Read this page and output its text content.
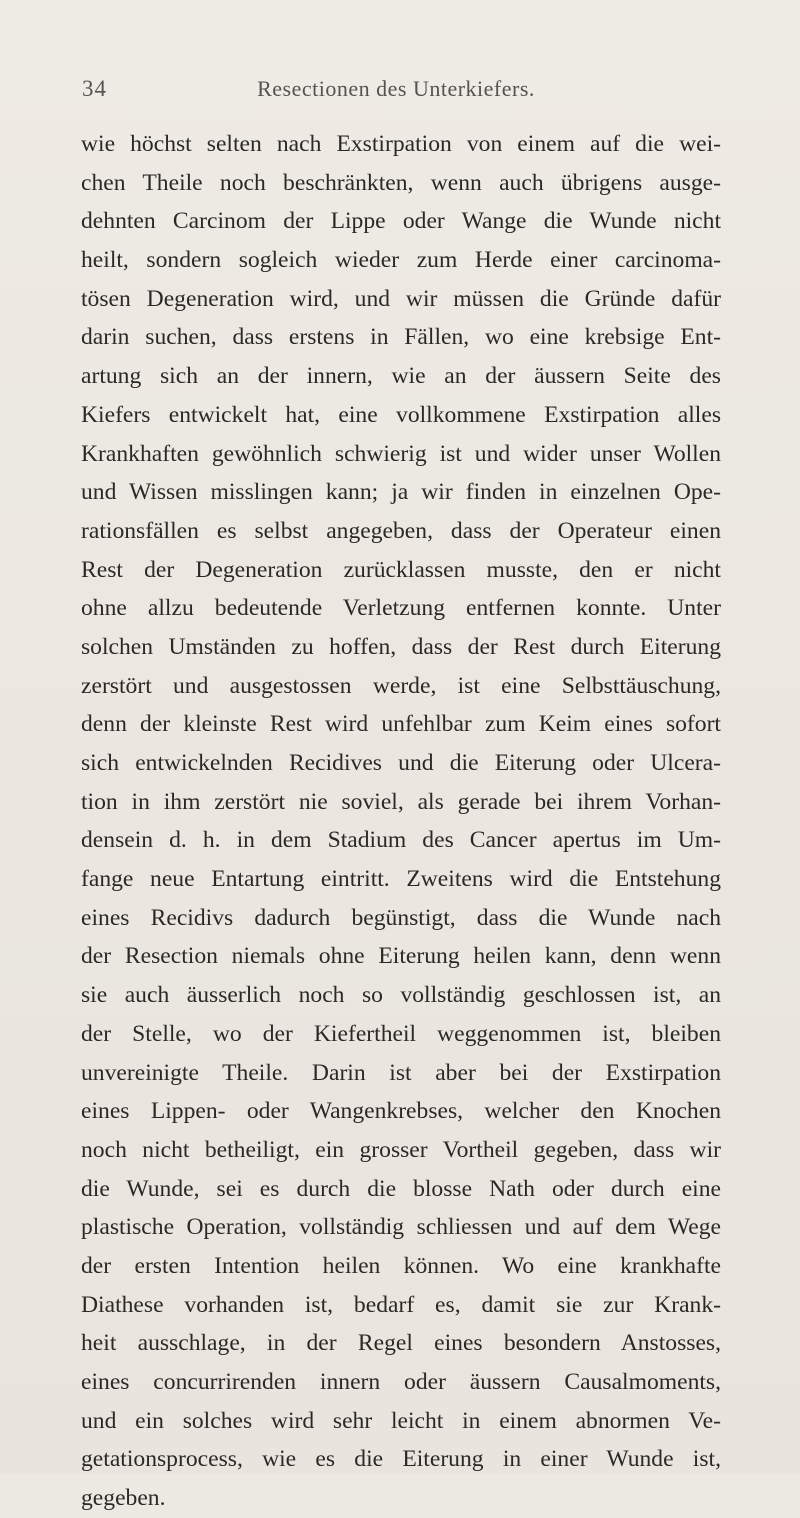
34	Resectionen des Unterkiefers.
wie höchst selten nach Exstirpation von einem auf die wei-
chen Theile noch beschränkten, wenn auch übrigens ausge-
dehnten Carcinom der Lippe oder Wange die Wunde nicht
heilt, sondern sogleich wieder zum Herde einer carcinoma-
tösen Degeneration wird, und wir müssen die Gründe dafür
darin suchen, dass erstens in Fällen, wo eine krebsige Ent-
artung sich an der innern, wie an der äussern Seite des
Kiefers entwickelt hat, eine vollkommene Exstirpation alles
Krankhaften gewöhnlich schwierig ist und wider unser Wollen
und Wissen misslingen kann; ja wir finden in einzelnen Ope-
rationsfällen es selbst angegeben, dass der Operateur einen
Rest der Degeneration zurücklassen musste, den er nicht
ohne allzu bedeutende Verletzung entfernen konnte. Unter
solchen Umständen zu hoffen, dass der Rest durch Eiterung
zerstört und ausgestossen werde, ist eine Selbsttäuschung,
denn der kleinste Rest wird unfehlbar zum Keim eines sofort
sich entwickelnden Recidives und die Eiterung oder Ulcera-
tion in ihm zerstört nie soviel, als gerade bei ihrem Vorhan-
densein d. h. in dem Stadium des Cancer apertus im Um-
fange neue Entartung eintritt. Zweitens wird die Entstehung
eines Recidivs dadurch begünstigt, dass die Wunde nach
der Resection niemals ohne Eiterung heilen kann, denn wenn
sie auch äusserlich noch so vollständig geschlossen ist, an
der Stelle, wo der Kiefertheil weggenommen ist, bleiben
unvereinigte Theile. Darin ist aber bei der Exstirpation
eines Lippen- oder Wangenkrebses, welcher den Knochen
noch nicht betheiligt, ein grosser Vortheil gegeben, dass wir
die Wunde, sei es durch die blosse Nath oder durch eine
plastische Operation, vollständig schliessen und auf dem Wege
der ersten Intention heilen können. Wo eine krankhafte
Diathese vorhanden ist, bedarf es, damit sie zur Krank-
heit ausschlage, in der Regel eines besondern Anstosses,
eines concurrirenden innern oder äussern Causalmoments,
und ein solches wird sehr leicht in einem abnormen Ve-
getationsprocess, wie es die Eiterung in einer Wunde ist,
gegeben.
